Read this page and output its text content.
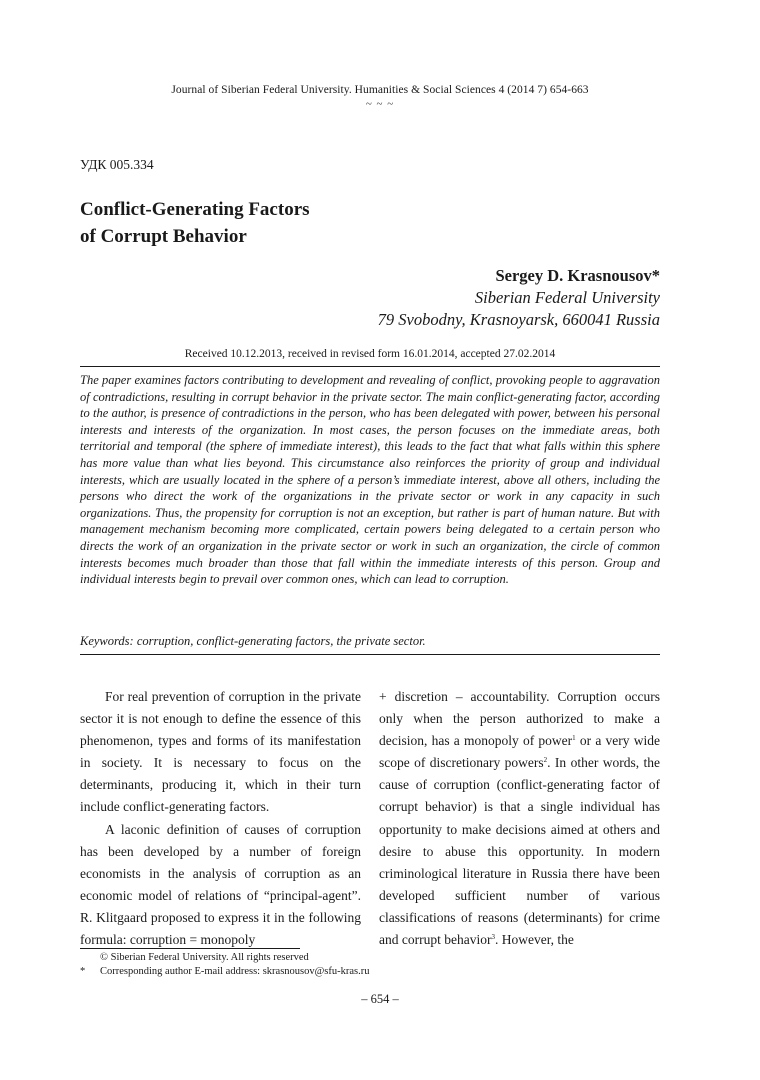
Journal of Siberian Federal University. Humanities & Social Sciences 4 (2014 7) 654-663
~ ~ ~
УДК 005.334
Conflict-Generating Factors
of Corrupt Behavior
Sergey D. Krasnousov*
Siberian Federal University
79 Svobodny, Krasnoyarsk, 660041 Russia
Received 10.12.2013, received in revised form 16.01.2014, accepted 27.02.2014

The paper examines factors contributing to development and revealing of conflict, provoking people to aggravation of contradictions, resulting in corrupt behavior in the private sector. The main conflict-generating factor, according to the author, is presence of contradictions in the person, who has been delegated with power, between his personal interests and interests of the organization. In most cases, the person focuses on the immediate areas, both territorial and temporal (the sphere of immediate interest), this leads to the fact that what falls within this sphere has more value than what lies beyond. This circumstance also reinforces the priority of group and individual interests, which are usually located in the sphere of a person’s immediate interest, above all others, including the persons who direct the work of the organizations in the private sector or work in any capacity in such organizations. Thus, the propensity for corruption is not an exception, but rather is part of human nature. But with management mechanism becoming more complicated, certain powers being delegated to a certain person who directs the work of an organization in the private sector or work in such an organization, the circle of common interests becomes much broader than those that fall within the immediate interests of this person. Group and individual interests begin to prevail over common ones, which can lead to corruption.

Keywords: corruption, conflict-generating factors, the private sector.

For real prevention of corruption in the private sector it is not enough to define the essence of this phenomenon, types and forms of its manifestation in society. It is necessary to focus on the determinants, producing it, which in their turn include conflict-generating factors.

A laconic definition of causes of corruption has been developed by a number of foreign economists in the analysis of corruption as an economic model of relations of “principal-agent”. R. Klitgaard proposed to express it in the following formula: corruption = monopoly

+ discretion – accountability. Corruption occurs only when the person authorized to make a decision, has a monopoly of power$^1$ or a very wide scope of discretionary powers$^2$. In other words, the cause of corruption (conflict-generating factor of corrupt behavior) is that a single individual has opportunity to make decisions aimed at others and desire to abuse this opportunity. In modern criminological literature in Russia there have been developed sufficient number of various classifications of reasons (determinants) for crime and corrupt behavior$^3$. However, the

© Siberian Federal University. All rights reserved
* Corresponding author E-mail address: skrasnousov@sfu-kras.ru
– 654 –
